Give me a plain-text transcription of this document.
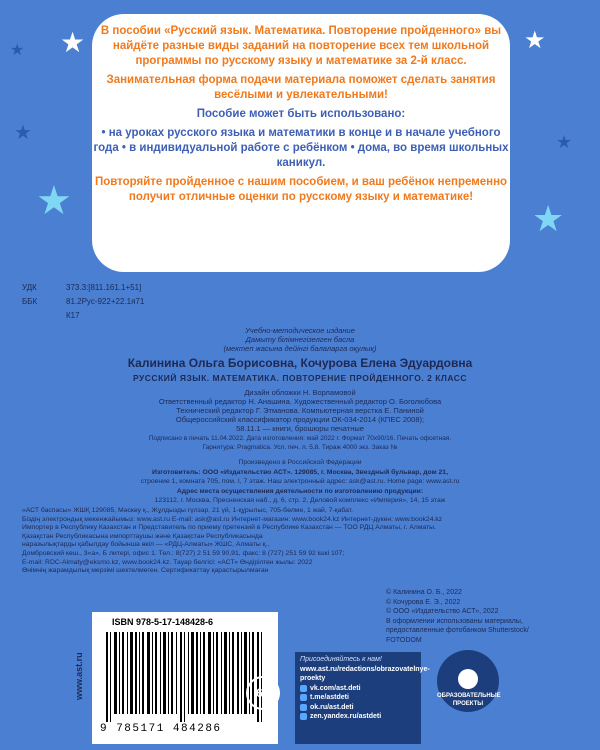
★
★
★
★
★
★
★

В пособии «Русский язык. Математика. Повторение пройденного» вы найдёте разные виды заданий на повторение всех тем школьной программы по русскому языку и математике за 2-й класс.

Занимательная форма подачи материала поможет сделать занятия весёлыми и увлекательными!

Пособие может быть использовано:

• на уроках русского языка и математики в конце и в начале учебного года • в индивидуальной работе с ребёнком • дома, во время школьных каникул.

Повторяйте пройденное с нашим пособием, и ваш ребёнок непременно получит отличные оценки по русскому языку и математике!

УДК	373.3:[811.161.1+51]
ББК	81.2Рус-922+22.1я71
К17
Учебно-методическое издание
Дамыту бiлiмнегiзелген басла
(мектеп жасына дейiнгi балаларга оқулық)
Калинина Ольга Борисовна, Кочурова Елена Эдуардовна
РУССКИЙ ЯЗЫК. МАТЕМАТИКА. ПОВТОРЕНИЕ ПРОЙДЕННОГО. 2 КЛАСС
Дизайн обложки Н. Ворламовой
Ответственный редактор Н. Анашина. Художественный редактор О. Боголюбова
Технический редактор Г. Этманова. Компьютерная верстка Е. Паниной
Общероссийский классификатор продукции ОК-034-2014 (КПЕС 2008);
58.11.1 — книги, брошюры печатные
Подписано в печать 11.04.2022. Дата изготовления: май 2022 г. Формат 70x90/16. Печать офсетная.
Гарнитура: Pragmatica. Усл. печ. л. 5,8. Тираж 4000 экз. Заказ №
Произведено в Российской Федерации
Изготовитель: ООО «Издательство АСТ». 129085, г. Москва, Звездный бульвар, дом 21,
строение 1, комната 705, пом. I, 7 этаж. Наш электронный адрес: ask@ast.ru. Home page: www.ast.ru
Адрес места осуществления деятельности по изготовлению продукции:
123112, г. Москва, Пресненская наб., д. 6, стр. 2, Деловой комплекс «Империя», 14, 15 этаж
«АСТ баспасы» ЖШҚ 129085, Мәскеу қ., Жұлдызды гүлзар, 21 үй, 1-құрылыс, 705-бөлме, 1 жай, 7-қабат.
Біздің электрондық мекенжайымыз: www.ast.ru E-mail: ask@ast.ru Интернет-магазин: www.book24.kz Интернет-дүкен: www.book24.kz
Импортер в Республику Казахстан и Представитель по приему претензий в Республике Казахстан — ТОО РДЦ Алматы, г. Алматы.
Қазақстан Республикасына импорттаушы және Қазақстан Республикасында
наразылықтарды қабылдау бойынша өкіл — «РДЦ-Алматы» ЖШС, Алматы қ.,
Домбровский көш., 3«а», Б литері, офис 1. Тел.: 8(727) 2 51 59 90,91, факс: 8 (727) 251 59 92 ішкі 107;
E-mail: RDC-Almaty@eksmo.kz, www.book24.kz. Тауар белгісі: «АСТ» Өндірілген жылы: 2022
Өнімнің жарамдылық мерзімі шектелмеген. Сертификаттау қарастырылмаған
© Калинина О. Б., 2022
© Кочурова Е. Э., 2022
© ООО «Издательство АСТ», 2022
В оформлении использованы материалы,
предоставленные фотобанком Shutterstock/
FOTODOM
www.ast.ru
ISBN 978-5-17-148428-6
9 785171 484286
6+
Присоединяйтесь к нам!
www.ast.ru/redactions/obrazovatelnye-proekty
vk.com/ast.deti
t.me/astdeti
ok.ru/ast.deti
zen.yandex.ru/astdeti
ОБРАЗОВАТЕЛЬНЫЕ ПРОЕКТЫ
